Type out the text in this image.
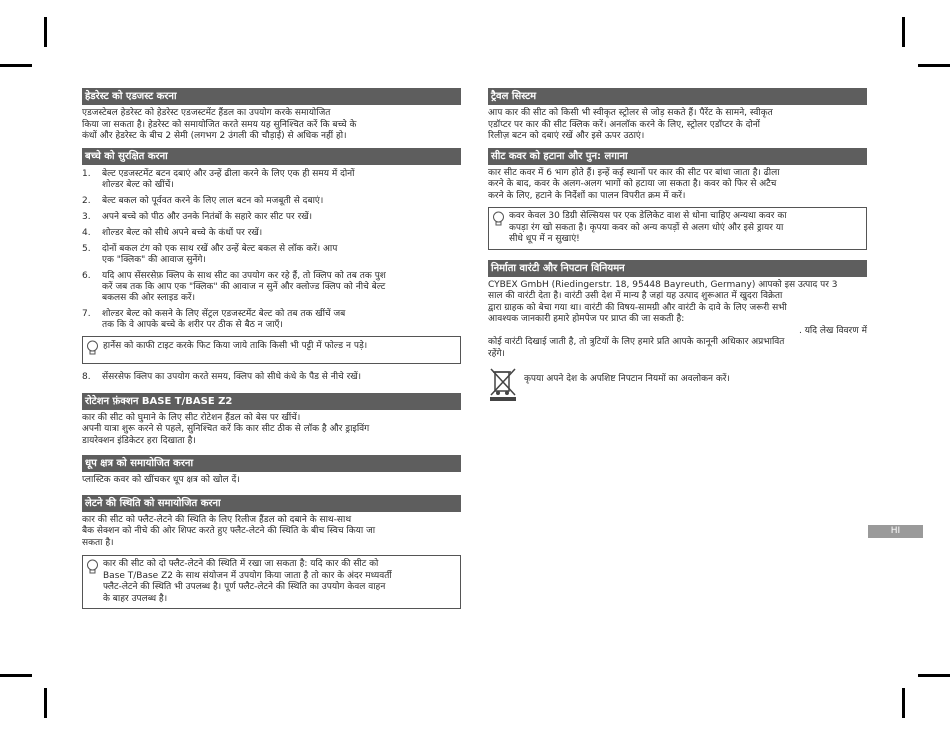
हेडरेस्ट को एडजस्ट करना
एडजस्टेबल हेडरेस्ट को हेडरेस्ट एडजस्टमेंट हैंडल का उपयोग करके समायोजित
किया जा सकता है। हेडरेस्ट को समायोजित करते समय यह सुनिश्चित करें कि बच्चे के
कंधों और हेडरेस्ट के बीच 2 सेमी (लगभग 2 उंगली की चौड़ाई) से अधिक नहीं हो।
बच्चे को सुरक्षित करना
1. बेल्ट एडजस्टमेंट बटन दबाएं और उन्हें ढीला करने के लिए एक ही समय में दोनों
शोल्डर बेल्ट को खींचें।
2. बेल्ट बकल को पूर्ववत करने के लिए लाल बटन को मजबूती से दबाएं।
3. अपने बच्चे को पीठ और उनके नितंबों के सहारे कार सीट पर रखें।
4. शोल्डर बेल्ट को सीधे अपने बच्चे के कंधों पर रखें।
5. दोनों बकल टंग को एक साथ रखें और उन्हें बेल्ट बकल से लॉक करें। आप
एक "क्लिक" की आवाज सुनेंगे।
6. यदि आप सेंसरसेफ़ क्लिप के साथ सीट का उपयोग कर रहे हैं, तो क्लिप को तब तक पुश
करें जब तक कि आप एक "क्लिक" की आवाज न सुनें और क्लोज्ड क्लिप को नीचे बेल्ट
बकलस की ओर स्लाइड करें।
7. शोल्डर बेल्ट को कसने के लिए सेंट्रल एडजस्टमेंट बेल्ट को तब तक खींचें जब
तक कि वे आपके बच्चे के शरीर पर ठीक से बैठ न जाएँ।
हार्नेस को काफी टाइट करके फिट किया जाये ताकि किसी भी पट्टी में फोल्ड न पड़े।
8. सेंसरसेफ क्लिप का उपयोग करते समय, क्लिप को सीधे कंधे के पैड से नीचे रखें।
रोटेशन फ़ंक्शन BASE T/BASE Z2
कार की सीट को घुमाने के लिए सीट रोटेशन हैंडल को बेस पर खींचें।
अपनी यात्रा शुरू करने से पहले, सुनिश्चित करें कि कार सीट ठीक से लॉक है और ड्राइविंग
डायरेक्शन इंडिकेटर हरा दिखाता है।
धूप क्षत्र को समायोजित करना
प्लास्टिक कवर को खींचकर धूप क्षत्र को खोल दें।
लेटने की स्थिति को समायोजित करना
कार की सीट को फ्लैट-लेटने की स्थिति के लिए रिलीज हैंडल को दबाने के साथ-साथ
बैक सेक्शन को नीचे की ओर शिफ्ट करते हुए फ्लैट-लेटने की स्थिति के बीच स्विच किया जा
सकता है।
कार की सीट को दो फ्लैट-लेटने की स्थिति में रखा जा सकता है: यदि कार की सीट को
Base T/Base Z2 के साथ संयोजन में उपयोग किया जाता है तो कार के अंदर मध्यवर्ती
फ्लैट-लेटने की स्थिति भी उपलब्ध है। पूर्ण फ्लैट-लेटने की स्थिति का उपयोग केवल वाहन
के बाहर उपलब्ध है।
ट्रैवल सिस्टम
आप कार की सीट को किसी भी स्वीकृत स्ट्रोलर से जोड़ सकते हैं। पैरेंट के सामने, स्वीकृत
एडॉप्टर पर कार की सीट क्लिक करें। अनलॉक करने के लिए, स्ट्रोलर एडॉप्टर के दोनों
रिलीज़ बटन को दबाएं रखें और इसे ऊपर उठाएं।
सीट कवर को हटाना और पुन: लगाना
कार सीट कवर में 6 भाग होते हैं। इन्हें कई स्थानों पर कार की सीट पर बांधा जाता है। ढीला
करने के बाद, कवर के अलग-अलग भागों को हटाया जा सकता है। कवर को फिर से अटैच
करने के लिए, हटाने के निर्देशों का पालन विपरीत क्रम में करें।
कवर केवल 30 डिग्री सेल्सियस पर एक डेलिकेट वाश से धोना चाहिए अन्यथा कवर का
कपड़ा रंग खो सकता है। कृपया कवर को अन्य कपड़ों से अलग धोएं और इसे ड्रायर या
सीधे धूप में न सुखाएं!
निर्माता वारंटी और निपटान विनियमन
CYBEX GmbH (Riedingerstr. 18, 95448 Bayreuth, Germany) आपको इस उत्पाद पर 3
साल की वारंटी देता है। वारंटी उसी देश में मान्य है जहां यह उत्पाद शुरूआत में खुदरा विक्रेता
द्वारा ग्राहक को बेचा गया था। वारंटी की विषय-सामग्री और वारंटी के दावे के लिए जरूरी सभी
आवश्यक जानकारी हमारे होमपेज पर प्राप्त की जा सकती है:
. यदि लेख विवरण में
कोई वारंटी दिखाई जाती है, तो त्रुटियों के लिए हमारे प्रति आपके कानूनी अधिकार अप्रभावित
रहेंगे।
कृपया अपने देश के अपशिष्ट निपटान नियमों का अवलोकन करें।
HI
